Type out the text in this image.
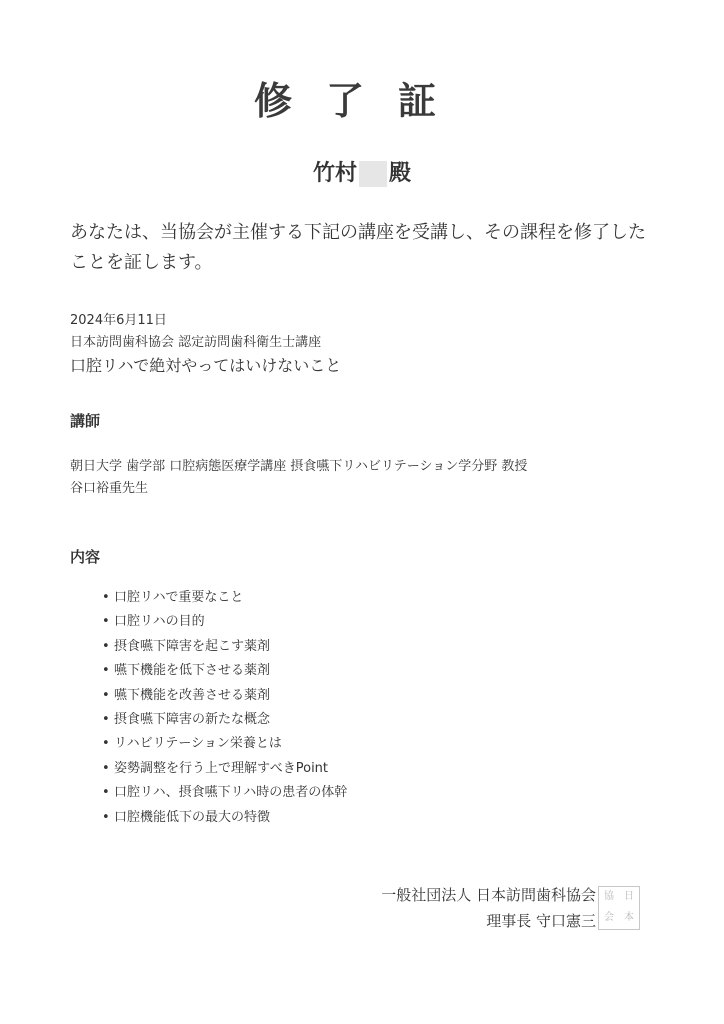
修了証
竹村 殿
あなたは、当協会が主催する下記の講座を受講し、その課程を修了したことを証します。
2024年6月11日
日本訪問歯科協会 認定訪問歯科衛生士講座
口腔リハで絶対やってはいけないこと
講師
朝日大学 歯学部 口腔病態医療学講座 摂食嚥下リハビリテーション学分野 教授
谷口裕重先生
内容
• 口腔リハで重要なこと
• 口腔リハの目的
• 摂食嚥下障害を起こす薬剤
• 嚥下機能を低下させる薬剤
• 嚥下機能を改善させる薬剤
• 摂食嚥下障害の新たな概念
• リハビリテーション栄養とは
• 姿勢調整を行う上で理解すべきPoint
• 口腔リハ、摂食嚥下リハ時の患者の体幹
• 口腔機能低下の最大の特徴
一般社団法人 日本訪問歯科協会
理事長 守口憲三
協	日
会	本
